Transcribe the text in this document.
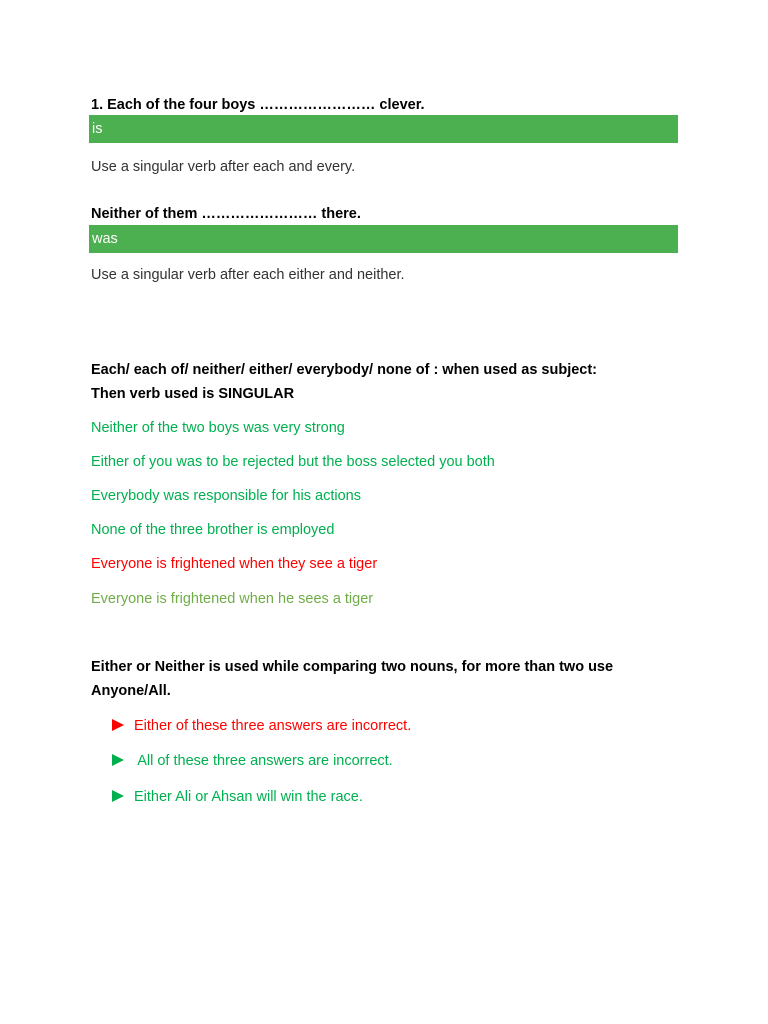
1. Each of the four boys …………………… clever.
is
Use a singular verb after each and every.
Neither of them …………………… there.
was
Use a singular verb after each either and neither.
Each/ each of/ neither/ either/ everybody/ none of : when used as subject:
Then verb used is SINGULAR
Neither of the two boys was very strong
Either of you was to be rejected but the boss selected you both
Everybody was responsible for his actions
None of the three brother is employed
Everyone is frightened when they see a tiger
Everyone is frightened when he sees a tiger
Either or Neither is used while comparing two nouns, for more than two use
Anyone/All.
Either of these three answers are incorrect.
All of these three answers are incorrect.
Either Ali or Ahsan will win the race.
